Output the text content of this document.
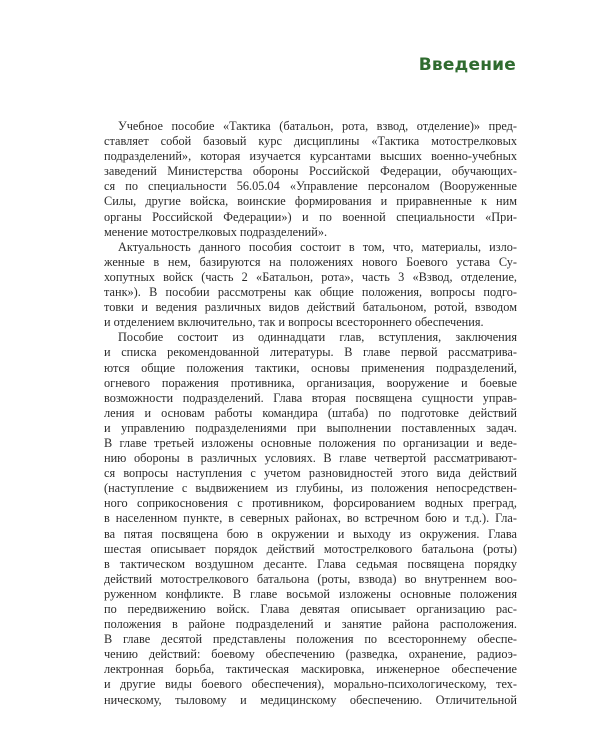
Введение
Учебное пособие «Тактика (батальон, рота, взвод, отделение)» пред-
ставляет собой базовый курс дисциплины «Тактика мотострелковых
подразделений», которая изучается курсантами высших военно-учебных
заведений Министерства обороны Российской Федерации, обучающих-
ся по специальности 56.05.04 «Управление персоналом (Вооруженные
Силы, другие войска, воинские формирования и приравненные к ним
органы Российской Федерации») и по военной специальности «При-
менение мотострелковых подразделений».
Актуальность данного пособия состоит в том, что, материалы, изло-
женные в нем, базируются на положениях нового Боевого устава Су-
хопутных войск (часть 2 «Батальон, рота», часть 3 «Взвод, отделение,
танк»). В пособии рассмотрены как общие положения, вопросы подго-
товки и ведения различных видов действий батальоном, ротой, взводом
и отделением включительно, так и вопросы всестороннего обеспечения.
Пособие состоит из одиннадцати глав, вступления, заключения
и списка рекомендованной литературы. В главе первой рассматрива-
ются общие положения тактики, основы применения подразделений,
огневого поражения противника, организация, вооружение и боевые
возможности подразделений. Глава вторая посвящена сущности управ-
ления и основам работы командира (штаба) по подготовке действий
и управлению подразделениями при выполнении поставленных задач.
В главе третьей изложены основные положения по организации и веде-
нию обороны в различных условиях. В главе четвертой рассматривают-
ся вопросы наступления с учетом разновидностей этого вида действий
(наступление с выдвижением из глубины, из положения непосредствен-
ного соприкосновения с противником, форсированием водных преград,
в населенном пункте, в северных районах, во встречном бою и т.д.). Гла-
ва пятая посвящена бою в окружении и выходу из окружения. Глава
шестая описывает порядок действий мотострелкового батальона (роты)
в тактическом воздушном десанте. Глава седьмая посвящена порядку
действий мотострелкового батальона (роты, взвода) во внутреннем воо-
руженном конфликте. В главе восьмой изложены основные положения
по передвижению войск. Глава девятая описывает организацию рас-
положения в районе подразделений и занятие района расположения.
В главе десятой представлены положения по всестороннему обеспе-
чению действий: боевому обеспечению (разведка, охранение, радиоэ-
лектронная борьба, тактическая маскировка, инженерное обеспечение
и другие виды боевого обеспечения), морально-психологическому, тех-
ническому, тыловому и медицинскому обеспечению. Отличительной
